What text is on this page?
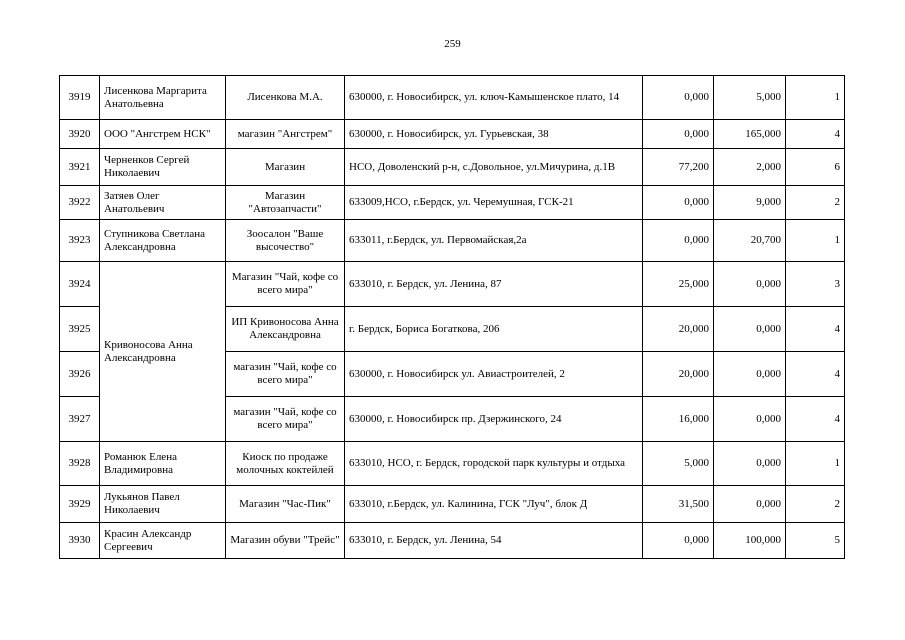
259
3919	Лисенкова Маргарита Анатольевна	Лисенкова М.А.	630000, г. Новосибирск, ул. ключ-Камышенское плато, 14	0,000	5,000	1
3920	ООО "Ангстрем НСК"	магазин "Ангстрем"	630000, г. Новосибирск, ул. Гурьевская, 38	0,000	165,000	4
3921	Черненков Сергей Николаевич	Магазин	НСО, Доволенский р-н, с.Довольное, ул.Мичурина, д.1В	77,200	2,000	6
3922	Затяев Олег Анатольевич	Магазин "Автозапчасти"	633009,НСО, г.Бердск, ул. Черемушная, ГСК-21	0,000	9,000	2
3923	Ступникова Светлана Александровна	Зоосалон "Ваше высочество"	633011, г.Бердск, ул. Первомайская,2а	0,000	20,700	1
3924	Кривоносова Анна Александровна	Магазин "Чай, кофе со всего мира"	633010, г. Бердск, ул. Ленина, 87	25,000	0,000	3
3925		ИП Кривоносова Анна Александровна	г. Бердск, Бориса Богаткова, 206	20,000	0,000	4
3926		магазин "Чай, кофе со всего мира"	630000, г. Новосибирск ул. Авиастроителей, 2	20,000	0,000	4
3927		магазин "Чай, кофе со всего мира"	630000, г. Новосибирск пр. Дзержинского, 24	16,000	0,000	4
3928	Романюк Елена Владимировна	Киоск по продаже молочных коктейлей	633010, НСО, г. Бердск, городской парк культуры и отдыха	5,000	0,000	1
3929	Лукьянов Павел Николаевич	Магазин "Час-Пик"	633010, г.Бердск, ул. Калинина, ГСК "Луч", блок Д	31,500	0,000	2
3930	Красин Александр Сергеевич	Магазин обуви "Трейс"	633010, г. Бердск, ул. Ленина, 54	0,000	100,000	5
